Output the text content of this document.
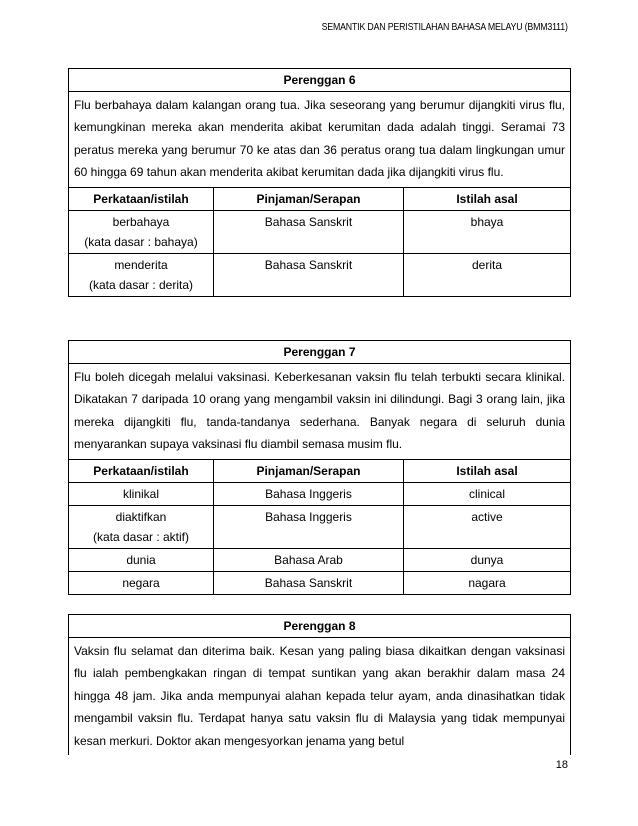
SEMANTIK DAN PERISTILAHAN BAHASA MELAYU (BMM3111)
Perenggan 6		
Flu berbahaya dalam kalangan orang tua. Jika seseorang yang berumur dijangkiti virus flu, kemungkinan mereka akan menderita akibat kerumitan dada adalah tinggi. Seramai 73 peratus mereka yang berumur 70 ke atas dan 36 peratus orang tua dalam lingkungan umur 60 hingga 69 tahun akan menderita akibat kerumitan dada jika dijangkiti virus flu.		
Perkataan/istilah	Pinjaman/Serapan	Istilah asal

berbahaya
(kata dasar : bahaya)	Bahasa Sanskrit	bhaya

menderita
(kata dasar : derita)	Bahasa Sanskrit	derita
Perenggan 7		
Flu boleh dicegah melalui vaksinasi. Keberkesanan vaksin flu telah terbukti secara klinikal. Dikatakan 7 daripada 10 orang yang mengambil vaksin ini dilindungi. Bagi 3 orang lain, jika mereka dijangkiti flu, tanda-tandanya sederhana. Banyak negara di seluruh dunia menyarankan supaya vaksinasi flu diambil semasa musim flu.		
Perkataan/istilah	Pinjaman/Serapan	Istilah asal
klinikal	Bahasa Inggeris	clinical

diaktifkan
(kata dasar : aktif)	Bahasa Inggeris	active
dunia	Bahasa Arab	dunya
negara	Bahasa Sanskrit	nagara
Perenggan 8
Vaksin flu selamat dan diterima baik. Kesan yang paling biasa dikaitkan dengan vaksinasi flu ialah pembengkakan ringan di tempat suntikan yang akan berakhir dalam masa 24 hingga 48 jam. Jika anda mempunyai alahan kepada telur ayam, anda dinasihatkan tidak mengambil vaksin flu. Terdapat hanya satu vaksin flu di Malaysia yang tidak mempunyai kesan merkuri. Doktor akan mengesyorkan jenama yang betul
18
